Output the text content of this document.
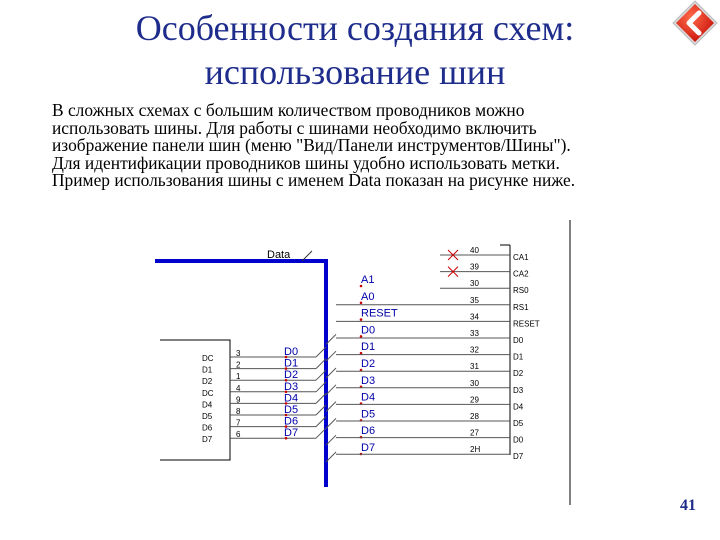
Особенности создания схем:
использование шин

В сложных схемах с большим количеством проводников можно

использовать шины. Для работы с шинами необходимо включить

изображение панели шин (меню "Вид/Панели инструментов/Шины").

Для идентификации проводников шины удобно использовать метки.

Пример использования шины с именем Data показан на рисунке ниже.

Data
DC
3
D1
2
D2
1
DC
4
D4
9
D5
8
D6
7
D7
6
D0
D1
D2
D3
D4
D5
D6
D7
A1
A0
RESET
D0
D1
D2
D3
D4
D5
D6
D7
40
CA1
39
CA2
30
RS0
35
RS1
34
RESET
33
D0
32
D1
31
D2
30
D3
29
D4
28
D5
27
D0
2H
D7
41
